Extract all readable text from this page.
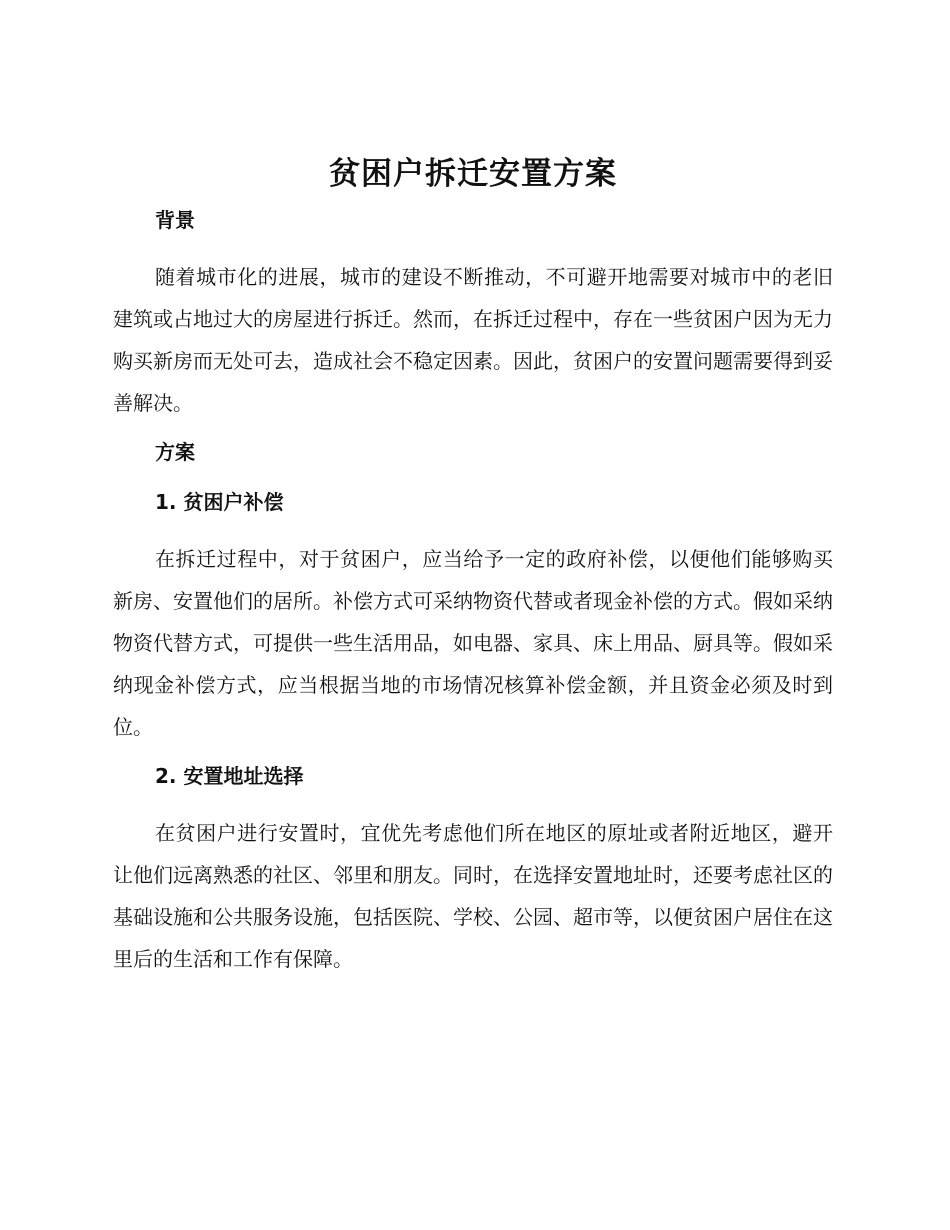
贫困户拆迁安置方案

背景

随着城市化的进展，城市的建设不断推动，不可避开地需要对城市中的老旧建筑或占地过大的房屋进行拆迁。然而，在拆迁过程中，存在一些贫困户因为无力购买新房而无处可去，造成社会不稳定因素。因此，贫困户的安置问题需要得到妥善解决。

方案

1. 贫困户补偿

在拆迁过程中，对于贫困户，应当给予一定的政府补偿，以便他们能够购买新房、安置他们的居所。补偿方式可采纳物资代替或者现金补偿的方式。假如采纳物资代替方式，可提供一些生活用品，如电器、家具、床上用品、厨具等。假如采纳现金补偿方式，应当根据当地的市场情况核算补偿金额，并且资金必须及时到位。

2. 安置地址选择

在贫困户进行安置时，宜优先考虑他们所在地区的原址或者附近地区，避开让他们远离熟悉的社区、邻里和朋友。同时，在选择安置地址时，还要考虑社区的基础设施和公共服务设施，包括医院、学校、公园、超市等，以便贫困户居住在这里后的生活和工作有保障。
